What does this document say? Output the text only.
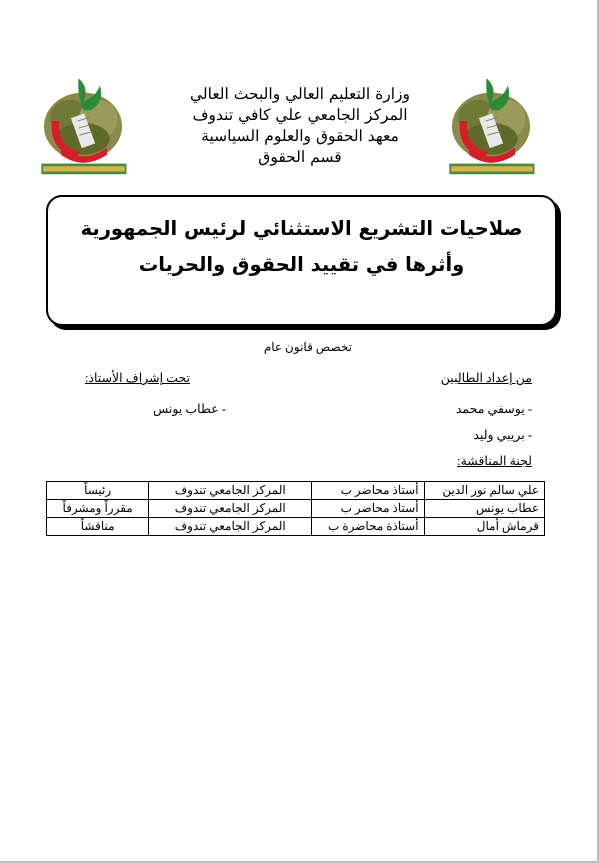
وزارة التعليم العالي والبحث العالي
المركز الجامعي علي كافي تندوف
معهد الحقوق والعلوم السياسية
قسم الحقوق
صلاحيات التشريع الاستثنائي لرئيس الجمهورية
وأثرها في تقييد الحقوق والحريات
تخصص قانون عام
من إعداد الطالبين
تحت إشراف الأستاذ:
- يوسفي محمد
- بريبي وليد
- عطاب يونس
لجنة المناقشة:
علي سالم نور الدين	أستاذ محاضر ب	المركز الجامعي تندوف	رئيساً
عطاب يونس	أستاذ محاضر ب	المركز الجامعي تندوف	مقرراً ومشرفاً
قرماش أمال	أستاذة محاضرة ب	المركز الجامعي تندوف	مناقشاً
